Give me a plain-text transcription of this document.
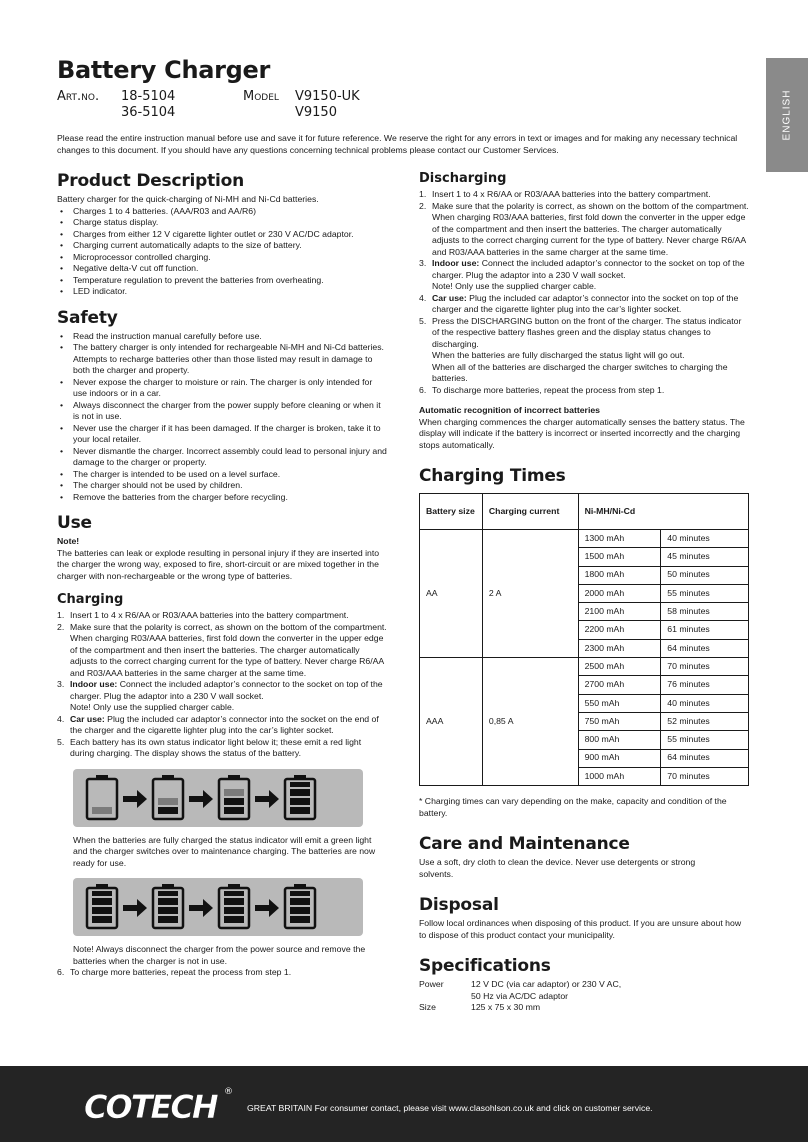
Battery Charger
Art.no.	18-5104	Model	V9150-UK
36-5104	V9150	ENGLISH
Please read the entire instruction manual before use and save it for future reference. We reserve the right for any errors in text or images and for making any necessary technical changes to this document. If you should have any questions concerning technical problems please contact our Customer Services.
Product Description
Battery charger for the quick-charging of Ni-MH and Ni-Cd batteries.
• Charges 1 to 4 batteries. (AAA/R03 and AA/R6)
• Charge status display.
• Charges from either 12 V cigarette lighter outlet or 230 V AC/DC adaptor.
• Charging current automatically adapts to the size of battery.
• Microprocessor controlled charging.
• Negative delta-V cut off function.
• Temperature regulation to prevent the batteries from overheating.
• LED indicator.
Safety
• Read the instruction manual carefully before use.
• The battery charger is only intended for rechargeable Ni-MH and Ni-Cd batteries. Attempts to recharge batteries other than those listed may result in damage to both the charger and property.
• Never expose the charger to moisture or rain. The charger is only intended for use indoors or in a car.
• Always disconnect the charger from the power supply before cleaning or when it is not in use.
• Never use the charger if it has been damaged. If the charger is broken, take it to your local retailer.
• Never dismantle the charger. Incorrect assembly could lead to personal injury and damage to the charger or property.
• The charger is intended to be used on a level surface.
• The charger should not be used by children.
• Remove the batteries from the charger before recycling.
Use
Note!
The batteries can leak or explode resulting in personal injury if they are inserted into the charger the wrong way, exposed to fire, short-circuit or are mixed together in the charger with non-rechargeable or the wrong type of batteries.
Charging
1. Insert 1 to 4 x R6/AA or R03/AAA batteries into the battery compartment.
2. Make sure that the polarity is correct, as shown on the bottom of the compartment. When charging R03/AAA batteries, first fold down the converter in the upper edge of the compartment and then insert the batteries. The charger automatically adjusts to the correct charging current for the type of battery. Never charge R6/AA and R03/AAA batteries in the same charger at the same time.
3. Indoor use: Connect the included adaptor’s connector to the socket on top of the charger. Plug the adaptor into a 230 V wall socket.
Note! Only use the supplied charger cable.
4. Car use: Plug the included car adaptor’s connector into the socket on the end of the charger and the cigarette lighter plug into the car’s lighter socket.
5. Each battery has its own status indicator light below it; these emit a red light during charging. The display shows the status of the battery.
When the batteries are fully charged the status indicator will emit a green light and the charger switches over to maintenance charging. The batteries are now ready for use.
Note! Always disconnect the charger from the power source and remove the batteries when the charger is not in use.
6. To charge more batteries, repeat the process from step 1.
Discharging
1. Insert 1 to 4 x R6/AA or R03/AAA batteries into the battery compartment.
2. Make sure that the polarity is correct, as shown on the bottom of the compartment.
When charging R03/AAA batteries, first fold down the converter in the upper edge of the compartment and then insert the batteries. The charger automatically adjusts to the correct charging current for the type of battery. Never charge R6/AA and R03/AAA batteries in the same charger at the same time.
3. Indoor use: Connect the included adaptor’s connector to the socket on top of the charger. Plug the adaptor into a 230 V wall socket.
Note! Only use the supplied charger cable.
4. Car use: Plug the included car adaptor’s connector into the socket on top of the charger and the cigarette lighter plug into the car’s lighter socket.
5. Press the DISCHARGING button on the front of the charger. The status indicator of the respective battery flashes green and the display status changes to discharging.
When the batteries are fully discharged the status light will go out.
When all of the batteries are discharged the charger switches to charging the batteries.
6. To discharge more batteries, repeat the process from step 1.
Automatic recognition of incorrect batteries
When charging commences the charger automatically senses the battery status. The display will indicate if the battery is incorrect or inserted incorrectly and the charging stops automatically.
Charging Times
Battery size	Charging current	Ni-MH/Ni-Cd	
AA	2 A	1300 mAh	40 minutes
		1500 mAh	45 minutes
		1800 mAh	50 minutes
		2000 mAh	55 minutes
		2100 mAh	58 minutes
		2200 mAh	61 minutes
		2300 mAh	64 minutes
AAA	0,85 A	2500 mAh	70 minutes
		2700 mAh	76 minutes
		550 mAh	40 minutes
		750 mAh	52 minutes
		800 mAh	55 minutes
		900 mAh	64 minutes
		1000 mAh	70 minutes
* Charging times can vary depending on the make, capacity and condition of the battery.
Care and Maintenance
Use a soft, dry cloth to clean the device. Never use detergents or strong solvents.
Disposal
Follow local ordinances when disposing of this product. If you are unsure about how to dispose of this product contact your municipality.
Specifications
Power	12 V DC (via car adaptor) or 230 V AC,
50 Hz via AC/DC adaptor
Size	125 x 75 x 30 mm
COTECH ®
GREAT BRITAIN For consumer contact, please visit www.clasohlson.co.uk and click on customer service.
